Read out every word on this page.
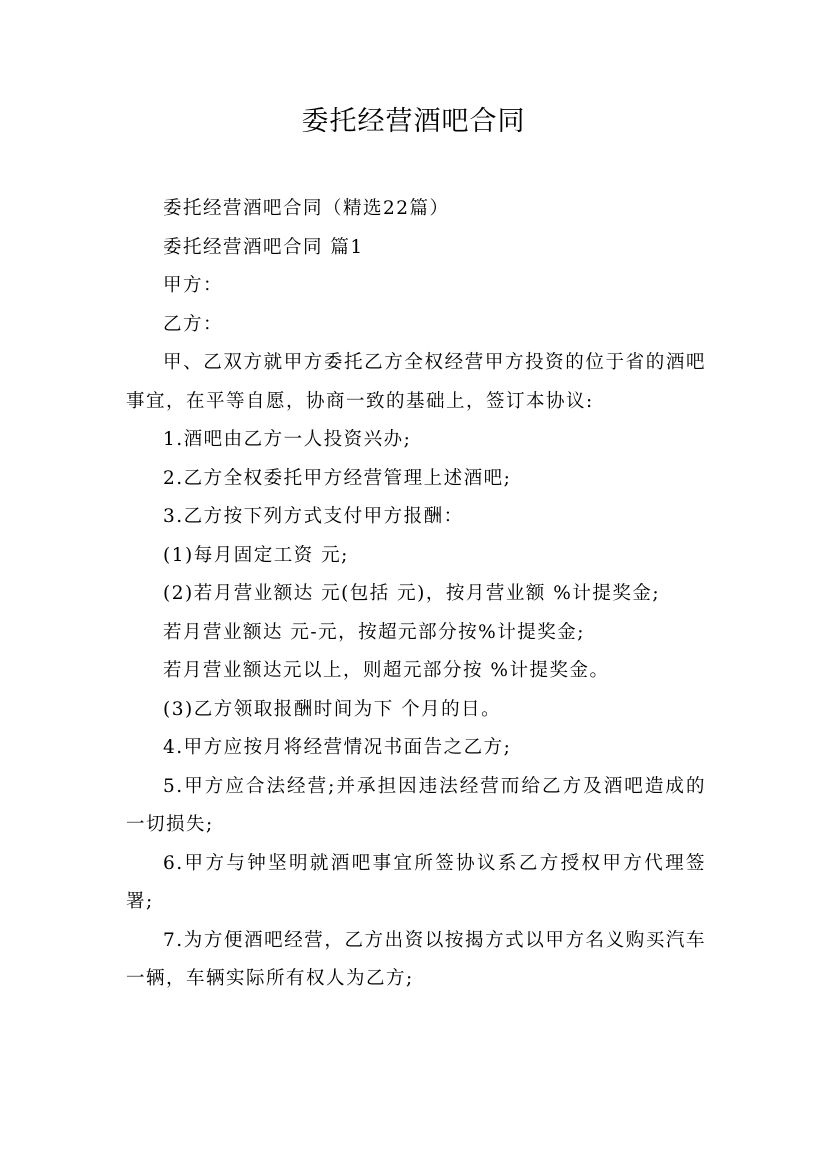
委托经营酒吧合同

委托经营酒吧合同（精选22篇）

委托经营酒吧合同 篇1

甲方：

乙方：

甲、乙双方就甲方委托乙方全权经营甲方投资的位于省的酒吧事宜，在平等自愿，协商一致的基础上，签订本协议:

1.酒吧由乙方一人投资兴办;

2.乙方全权委托甲方经营管理上述酒吧;

3.乙方按下列方式支付甲方报酬：

(1)每月固定工资 元;

(2)若月营业额达 元(包括 元)，按月营业额 %计提奖金;

若月营业额达 元-元，按超元部分按%计提奖金;

若月营业额达元以上，则超元部分按 %计提奖金。

(3)乙方领取报酬时间为下 个月的日。

4.甲方应按月将经营情况书面告之乙方;

5.甲方应合法经营;并承担因违法经营而给乙方及酒吧造成的一切损失;

6.甲方与钟坚明就酒吧事宜所签协议系乙方授权甲方代理签署;

7.为方便酒吧经营，乙方出资以按揭方式以甲方名义购买汽车一辆，车辆实际所有权人为乙方;
